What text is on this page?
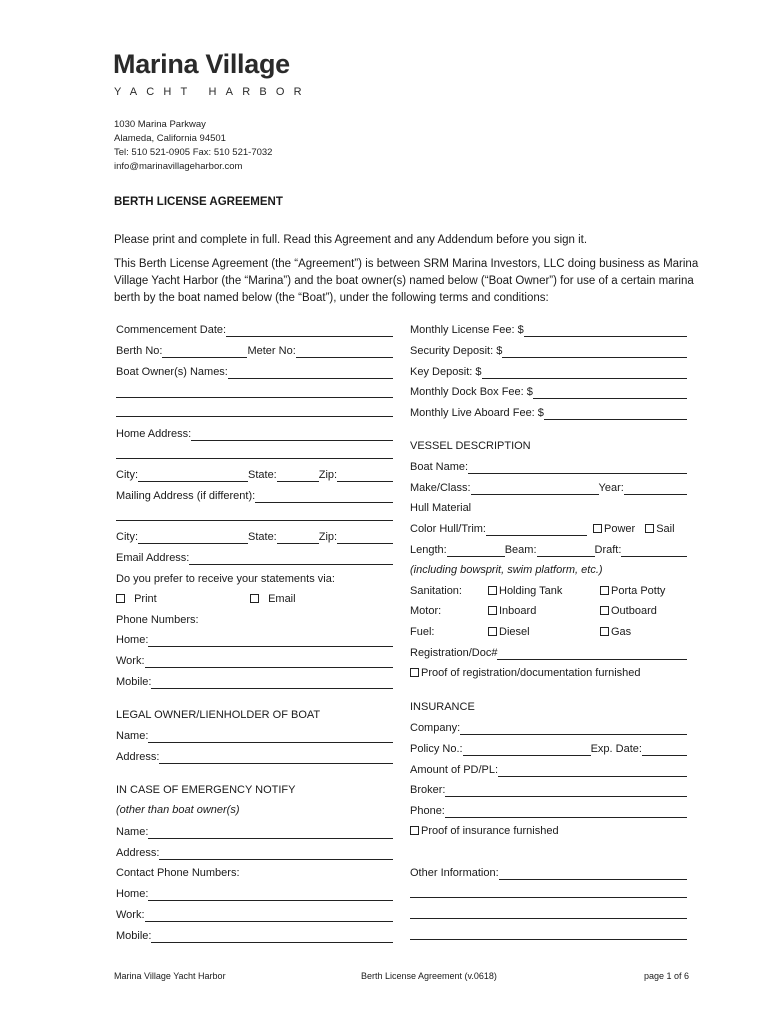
Marina Village
YACHT HARBOR
1030 Marina Parkway
Alameda, California 94501
Tel: 510 521-0905 Fax: 510 521-7032
info@marinavillageharbor.com
BERTH LICENSE AGREEMENT
Please print and complete in full. Read this Agreement and any Addendum before you sign it.
This Berth License Agreement (the “Agreement”) is between SRM Marina Investors, LLC doing business as Marina Village Yacht Harbor (the “Marina”) and the boat owner(s) named below (“Boat Owner”) for use of a certain marina berth by the boat named below (the “Boat”), under the following terms and conditions:
Commencement Date:
Berth No:	Meter No:
Boat Owner(s) Names:
Home Address:
City:	State:	Zip:
Mailing Address (if different):
City:	State:	Zip:
Email Address:
Do you prefer to receive your statements via:
Print	Email
Phone Numbers:
Home:
Work:
Mobile:
LEGAL OWNER/LIENHOLDER OF BOAT
Name:
Address:
IN CASE OF EMERGENCY NOTIFY
(other than boat owner(s)
Name:
Address:
Contact Phone Numbers:
Home:
Work:
Mobile:
Monthly License Fee: $
Security Deposit: $
Key Deposit: $
Monthly Dock Box Fee: $
Monthly Live Aboard Fee: $
VESSEL DESCRIPTION
Boat Name:
Make/Class:	Year:
Hull Material
Color Hull/Trim:	Power	Sail
Length:	Beam:	Draft:
(including bowsprit, swim platform, etc.)
Sanitation:	Holding Tank	Porta Potty
Motor:	Inboard	Outboard
Fuel:	Diesel	Gas
Registration/Doc#
Proof of registration/documentation furnished
INSURANCE
Company:
Policy No.:	Exp. Date:
Amount of PD/PL:
Broker:
Phone:
Proof of insurance furnished
Other Information:
Marina Village Yacht Harbor	Berth License Agreement (v.0618)	page 1 of 6
